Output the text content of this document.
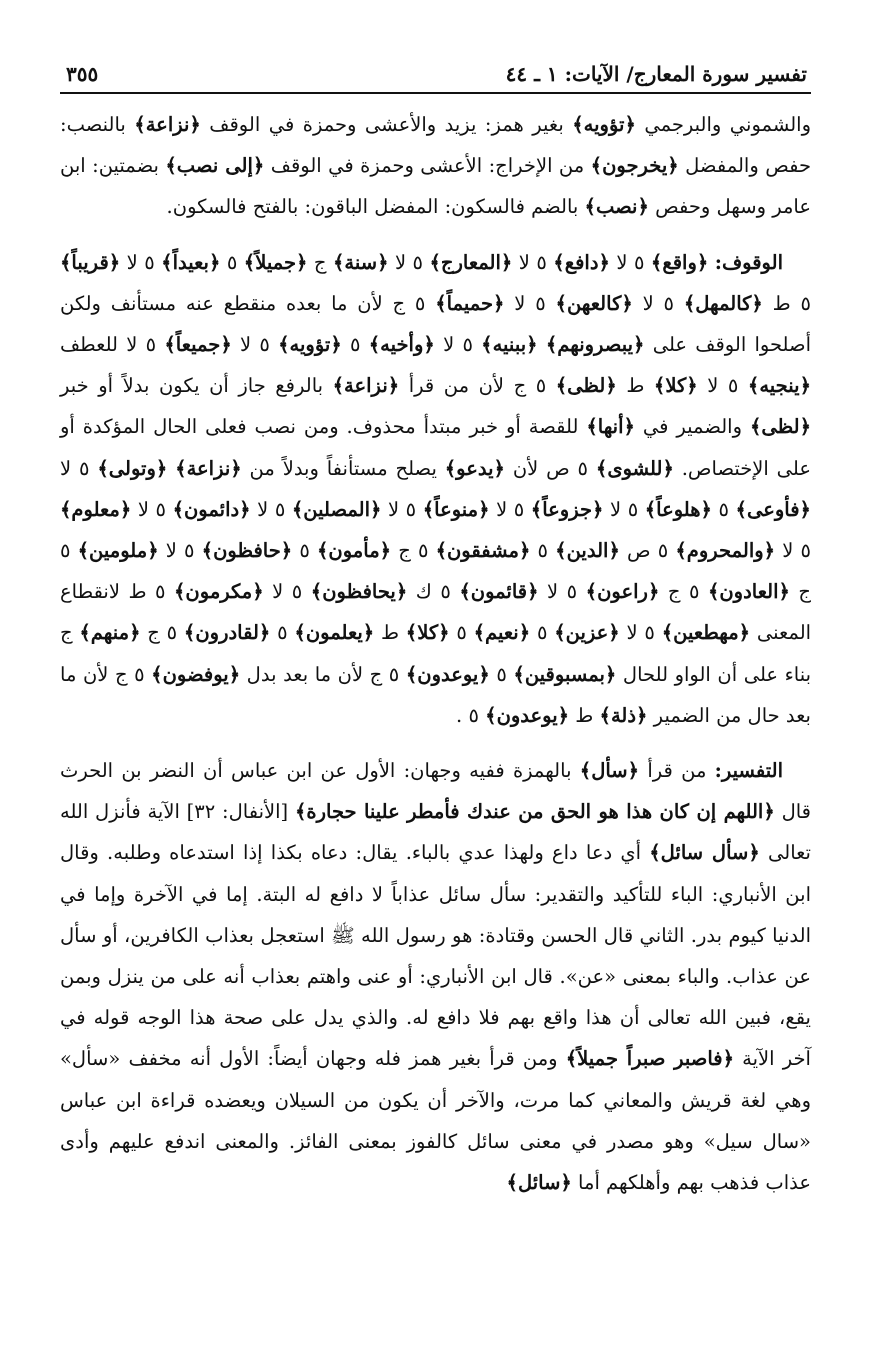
تفسير سورة المعارج/ الآيات: ١ ـ ٤٤
٣٥٥
والشموني والبرجمي ﴿تؤويه﴾ بغير همز: يزيد والأعشى وحمزة في الوقف ﴿نزاعة﴾ بالنصب: حفص والمفضل ﴿يخرجون﴾ من الإخراج: الأعشى وحمزة في الوقف ﴿إلى نصب﴾ بضمتين: ابن عامر وسهل وحفص ﴿نصب﴾ بالضم فالسكون: المفضل الباقون: بالفتح فالسكون.
الوقوف: ﴿واقع﴾ ٥ لا ﴿دافع﴾ ٥ لا ﴿المعارج﴾ ٥ لا ﴿سنة﴾ ج ﴿جميلاً﴾ ٥ ﴿بعيداً﴾ ٥ لا ﴿قريباً﴾ ٥ ط ﴿كالمهل﴾ ٥ لا ﴿كالعهن﴾ ٥ لا ﴿حميماً﴾ ٥ ج لأن ما بعده منقطع عنه مستأنف ولكن أصلحوا الوقف على ﴿يبصرونهم﴾ ﴿ببنيه﴾ ٥ لا ﴿وأخيه﴾ ٥ ﴿تؤويه﴾ ٥ لا ﴿جميعاً﴾ ٥ لا للعطف ﴿ينجيه﴾ ٥ لا ﴿كلا﴾ ط ﴿لظى﴾ ٥ ج لأن من قرأ ﴿نزاعة﴾ بالرفع جاز أن يكون بدلاً أو خبر ﴿لظى﴾ والضمير في ﴿أنها﴾ للقصة أو خبر مبتدأ محذوف. ومن نصب فعلى الحال المؤكدة أو على الإختصاص. ﴿للشوى﴾ ٥ ص لأن ﴿يدعو﴾ يصلح مستأنفاً وبدلاً من ﴿نزاعة﴾ ﴿وتولى﴾ ٥ لا ﴿فأوعى﴾ ٥ ﴿هلوعاً﴾ ٥ لا ﴿جزوعاً﴾ ٥ لا ﴿منوعاً﴾ ٥ لا ﴿المصلين﴾ ٥ لا ﴿دائمون﴾ ٥ لا ﴿معلوم﴾ ٥ لا ﴿والمحروم﴾ ٥ ص ﴿الدين﴾ ٥ ﴿مشفقون﴾ ٥ ج ﴿مأمون﴾ ٥ ﴿حافظون﴾ ٥ لا ﴿ملومين﴾ ٥ ج ﴿العادون﴾ ٥ ج ﴿راعون﴾ ٥ لا ﴿قائمون﴾ ٥ ك ﴿يحافظون﴾ ٥ لا ﴿مكرمون﴾ ٥ ط لانقطاع المعنى ﴿مهطعين﴾ ٥ لا ﴿عزين﴾ ٥ ﴿نعيم﴾ ٥ ﴿كلا﴾ ط ﴿يعلمون﴾ ٥ ﴿لقادرون﴾ ٥ ج ﴿منهم﴾ ج بناء على أن الواو للحال ﴿بمسبوقين﴾ ٥ ﴿يوعدون﴾ ٥ ج لأن ما بعد بدل ﴿يوفضون﴾ ٥ ج لأن ما بعد حال من الضمير ﴿ذلة﴾ ط ﴿يوعدون﴾ ٥ .
التفسير: من قرأ ﴿سأل﴾ بالهمزة ففيه وجهان: الأول عن ابن عباس أن النضر بن الحرث قال ﴿اللهم إن كان هذا هو الحق من عندك فأمطر علينا حجارة﴾ [الأنفال: ٣٢] الآية فأنزل الله تعالى ﴿سأل سائل﴾ أي دعا داع ولهذا عدي بالباء. يقال: دعاه بكذا إذا استدعاه وطلبه. وقال ابن الأنباري: الباء للتأكيد والتقدير: سأل سائل عذاباً لا دافع له البتة. إما في الآخرة وإما في الدنيا كيوم بدر. الثاني قال الحسن وقتادة: هو رسول الله ﷺ استعجل بعذاب الكافرين، أو سأل عن عذاب. والباء بمعنى «عن». قال ابن الأنباري: أو عنى واهتم بعذاب أنه على من ينزل وبمن يقع، فبين الله تعالى أن هذا واقع بهم فلا دافع له. والذي يدل على صحة هذا الوجه قوله في آخر الآية ﴿فاصبر صبراً جميلاً﴾ ومن قرأ بغير همز فله وجهان أيضاً: الأول أنه مخفف «سأل» وهي لغة قريش والمعاني كما مرت، والآخر أن يكون من السيلان ويعضده قراءة ابن عباس «سال سيل» وهو مصدر في معنى سائل كالفوز بمعنى الفائز. والمعنى اندفع عليهم وأدى عذاب فذهب بهم وأهلكهم أما ﴿سائل﴾
